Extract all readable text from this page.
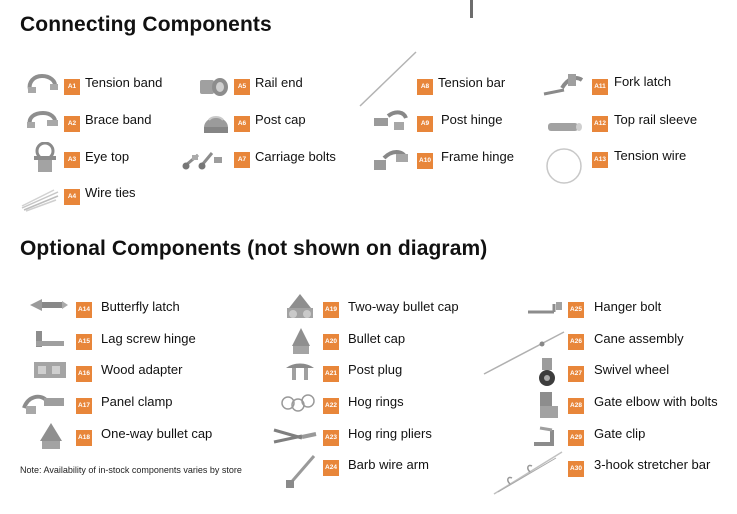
Connecting Components
A1 Tension band
A2 Brace band
A3 Eye top
A4 Wire ties
A5 Rail end
A6 Post cap
A7 Carriage bolts
A8 Tension bar
A9 Post hinge
A10 Frame hinge
A11 Fork latch
A12 Top rail sleeve
A13 Tension wire
Optional Components (not shown on diagram)
A14 Butterfly latch
A15 Lag screw hinge
A16 Wood adapter
A17 Panel clamp
A18 One-way bullet cap
Note: Availability of in-stock components varies by store
A19 Two-way bullet cap
A20 Bullet cap
A21 Post plug
A22 Hog rings
A23 Hog ring pliers
A24 Barb wire arm
A25 Hanger bolt
A26 Cane assembly
A27 Swivel wheel
A28 Gate elbow with bolts
A29 Gate clip
A30 3-hook stretcher bar
